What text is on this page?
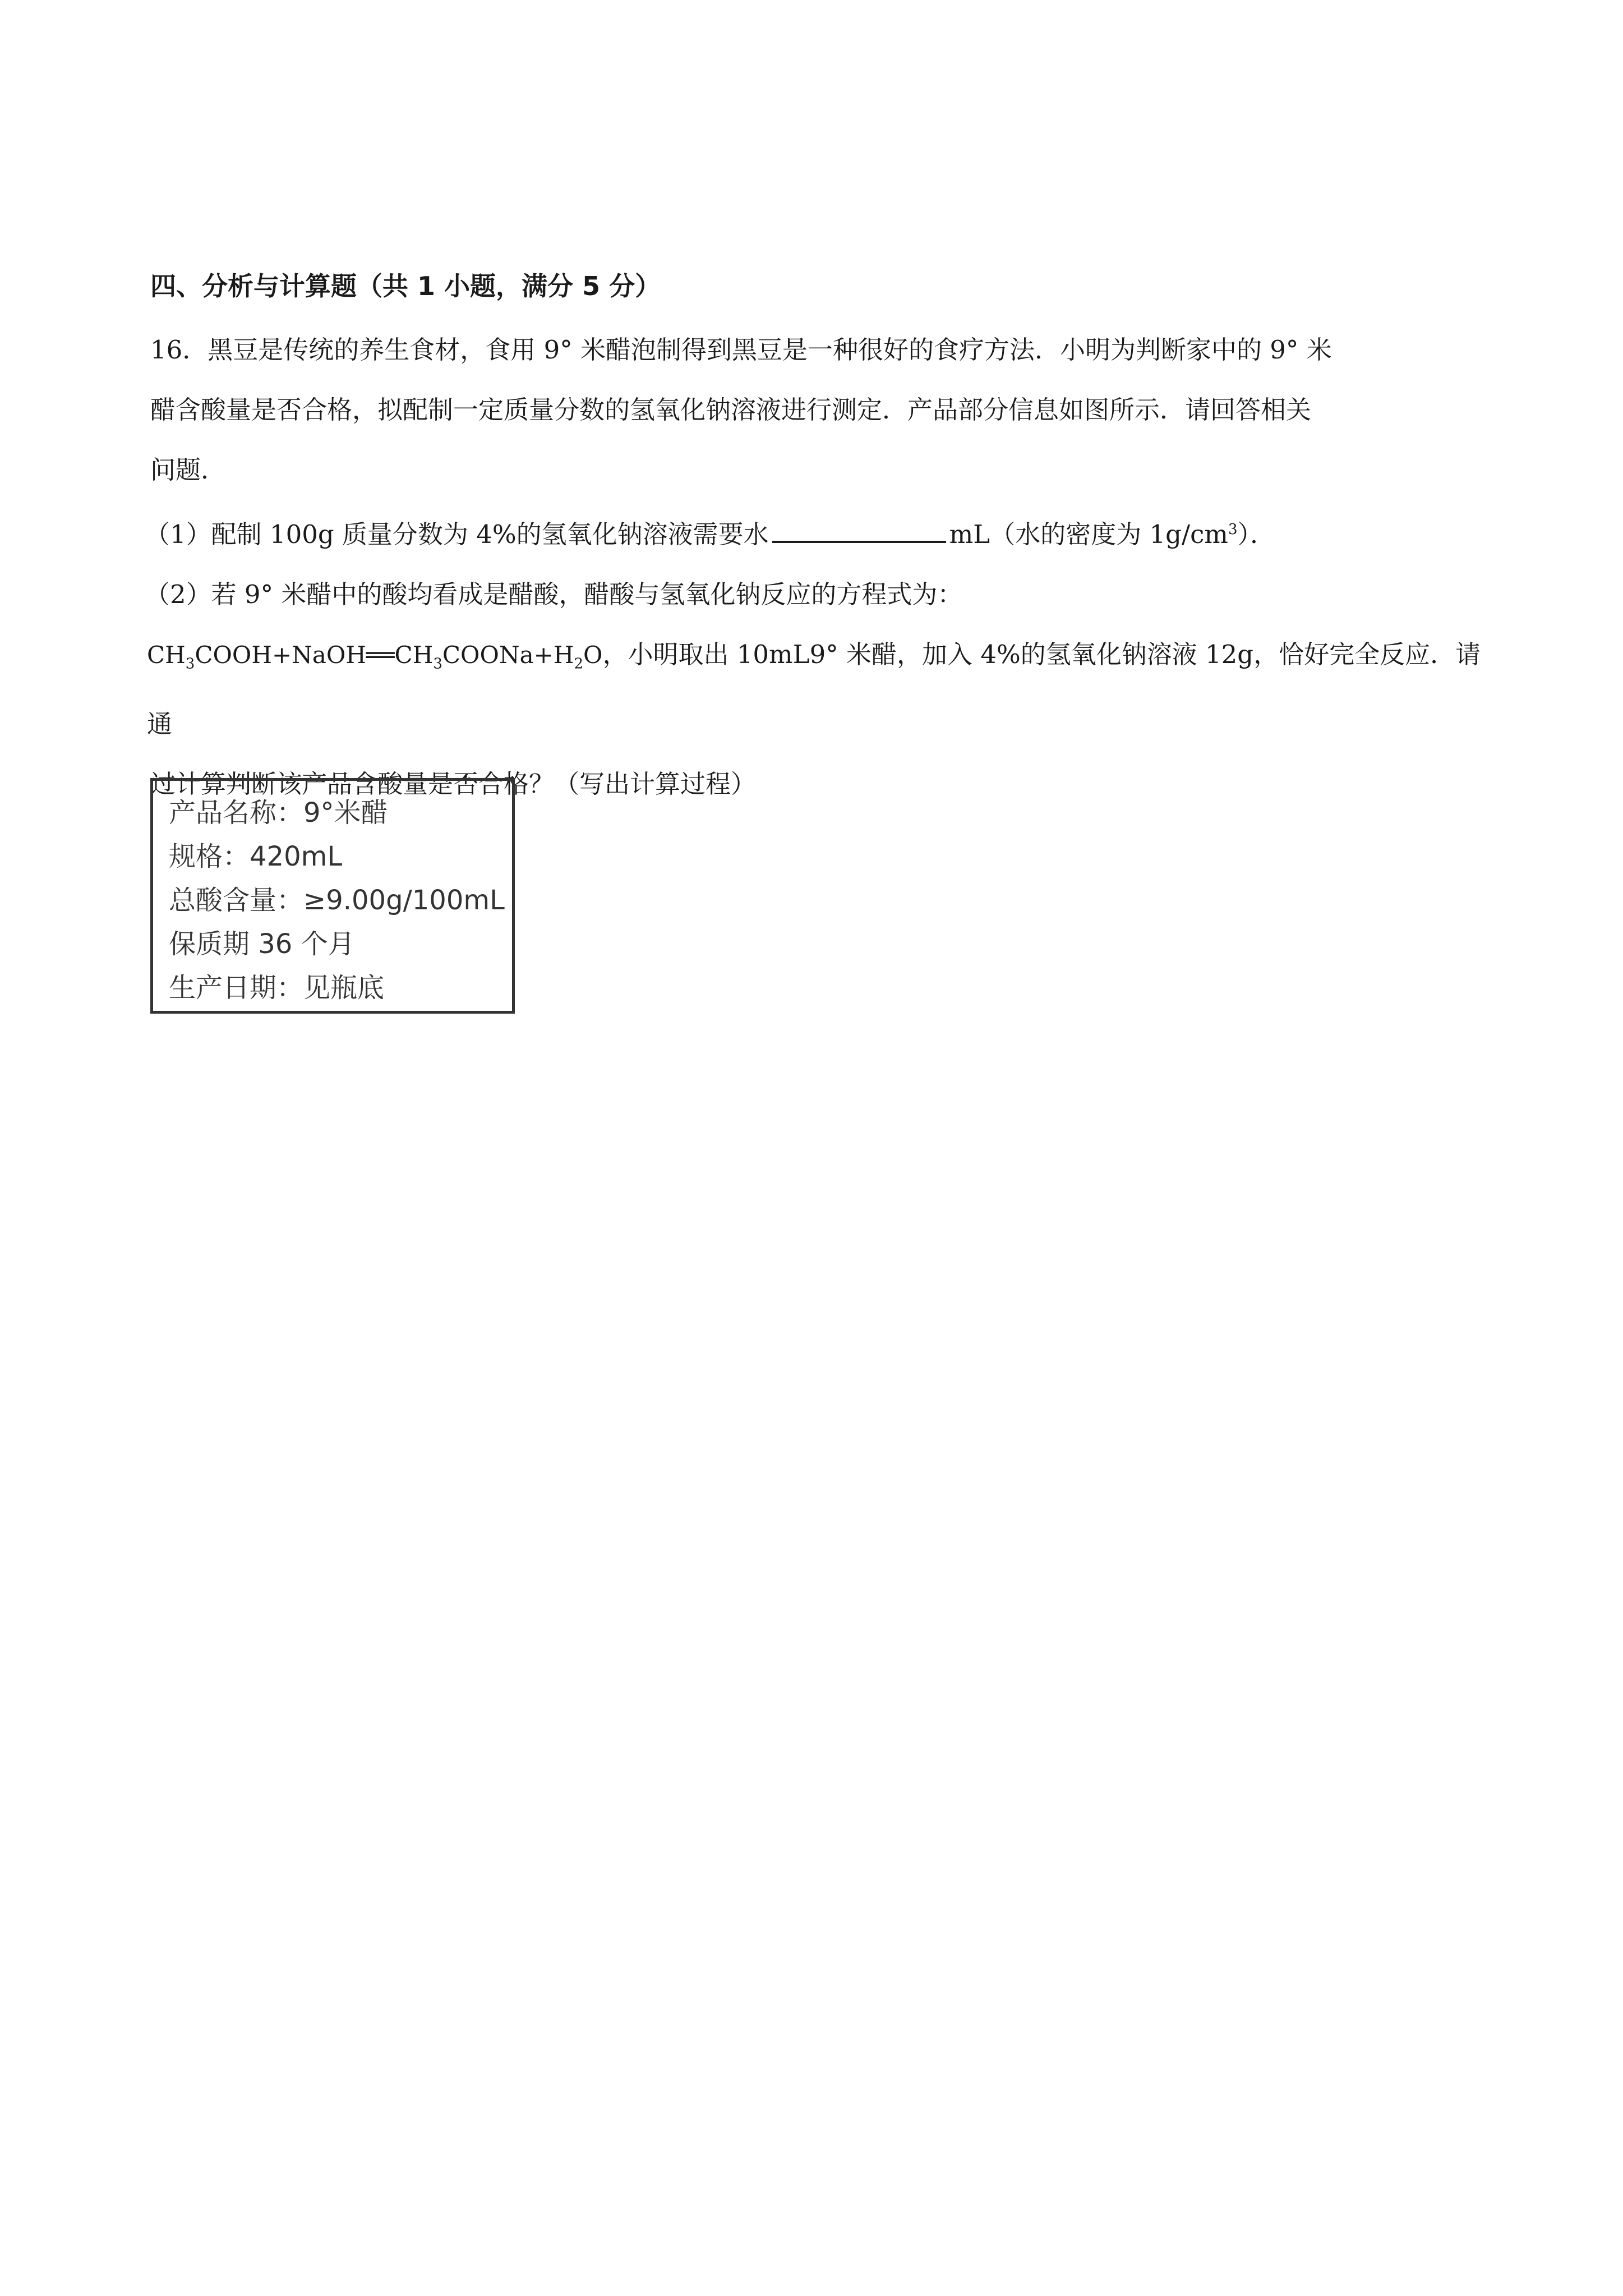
四、分析与计算题（共 1 小题，满分 5 分）

16．黑豆是传统的养生食材，食用 9° 米醋泡制得到黑豆是一种很好的食疗方法．小明为判断家中的 9° 米

醋含酸量是否合格，拟配制一定质量分数的氢氧化钠溶液进行测定．产品部分信息如图所示．请回答相关

问题．

（1）配制 100g 质量分数为 4%的氢氧化钠溶液需要水	mL（水的密度为 $1g/cm^3$）．

（2）若 9° 米醋中的酸均看成是醋酸，醋酸与氢氧化钠反应的方程式为：

$CH_3COOH+NaOH══CH_3COONa+H_2O$，小明取出 10mL9° 米醋，加入 4%的氢氧化钠溶液 12g，恰好完全反应．请通

过计算判断该产品含酸量是否合格？（写出计算过程）

产品名称：9°米醋
规格：420mL
总酸含量：≥9.00g/100mL
保质期 36 个月
生产日期：见瓶底
